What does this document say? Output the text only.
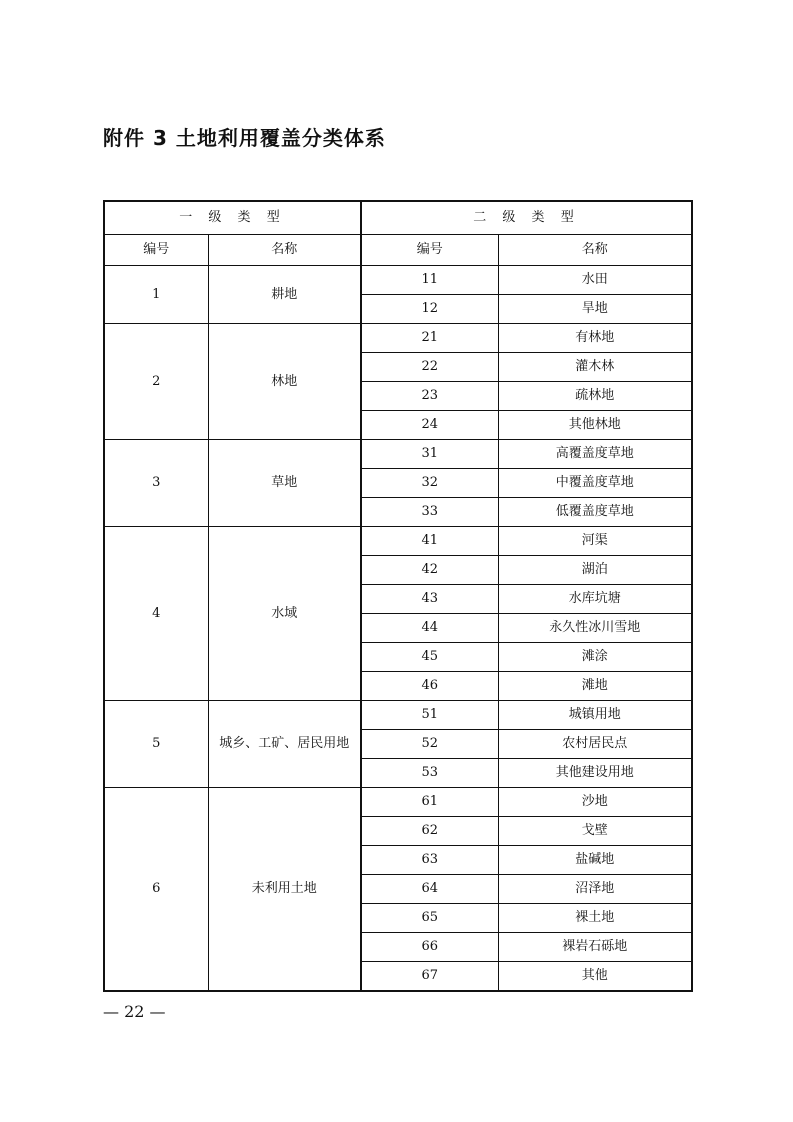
附件 3 土地利用覆盖分类体系
一 级 类 型		二 级 类 型	
编号	名称	编号	名称
1	耕地	11	水田
		12	旱地
2	林地	21	有林地
		22	灌木林
		23	疏林地
		24	其他林地
3	草地	31	高覆盖度草地
		32	中覆盖度草地
		33	低覆盖度草地
4	水域	41	河渠
		42	湖泊
		43	水库坑塘
		44	永久性冰川雪地
		45	滩涂
		46	滩地
5	城乡、工矿、居民用地	51	城镇用地
		52	农村居民点
		53	其他建设用地
6	未利用土地	61	沙地
		62	戈壁
		63	盐碱地
		64	沼泽地
		65	裸土地
		66	裸岩石砾地
		67	其他
— 22 —
